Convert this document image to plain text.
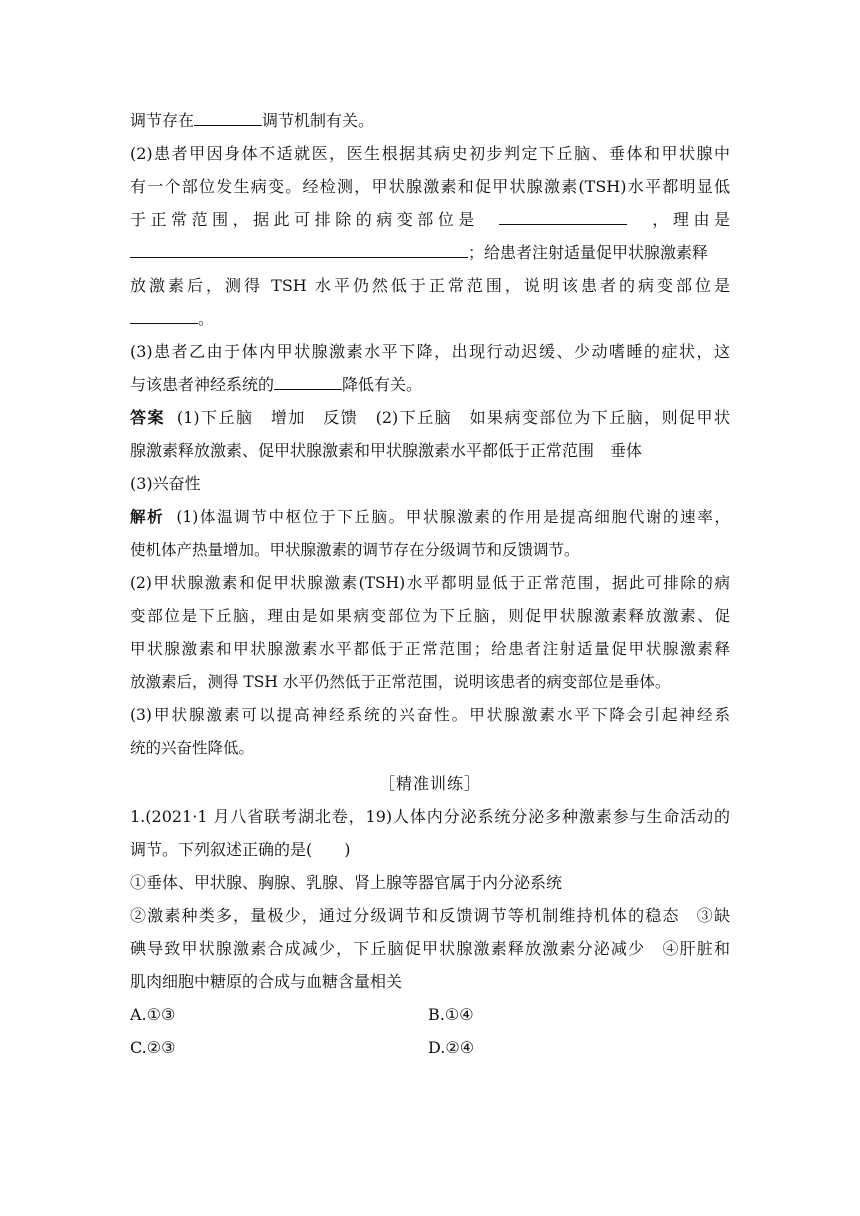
调节存在	调节机制有关。

(2)患者甲因身体不适就医，医生根据其病史初步判定下丘脑、垂体和甲状腺中

有一个部位发生病变。经检测，甲状腺激素和促甲状腺激素(TSH)水平都明显低

于正常范围，据此可排除的病变部位是　　	，理由是

；给患者注射适量促甲状腺激素释

放激素后，测得 TSH 水平仍然低于正常范围，说明该患者的病变部位是

。

(3)患者乙由于体内甲状腺激素水平下降，出现行动迟缓、少动嗜睡的症状，这

与该患者神经系统的	降低有关。

答案 (1)下丘脑　增加　反馈　(2)下丘脑　如果病变部位为下丘脑，则促甲状

腺激素释放激素、促甲状腺激素和甲状腺激素水平都低于正常范围　垂体

(3)兴奋性

解析 (1)体温调节中枢位于下丘脑。甲状腺激素的作用是提高细胞代谢的速率，

使机体产热量增加。甲状腺激素的调节存在分级调节和反馈调节。

(2)甲状腺激素和促甲状腺激素(TSH)水平都明显低于正常范围，据此可排除的病

变部位是下丘脑，理由是如果病变部位为下丘脑，则促甲状腺激素释放激素、促

甲状腺激素和甲状腺激素水平都低于正常范围；给患者注射适量促甲状腺激素释

放激素后，测得 TSH 水平仍然低于正常范围，说明该患者的病变部位是垂体。

(3)甲状腺激素可以提高神经系统的兴奋性。甲状腺激素水平下降会引起神经系

统的兴奋性降低。

［精准训练］

1.(2021·1 月八省联考湖北卷，19)人体内分泌系统分泌多种激素参与生命活动的

调节。下列叙述正确的是(　　)

①垂体、甲状腺、胸腺、乳腺、肾上腺等器官属于内分泌系统

②激素种类多，量极少，通过分级调节和反馈调节等机制维持机体的稳态　③缺

碘导致甲状腺激素合成减少，下丘脑促甲状腺激素释放激素分泌减少　④肝脏和

肌肉细胞中糖原的合成与血糖含量相关

A.①③	B.①④
C.②③	D.②④
